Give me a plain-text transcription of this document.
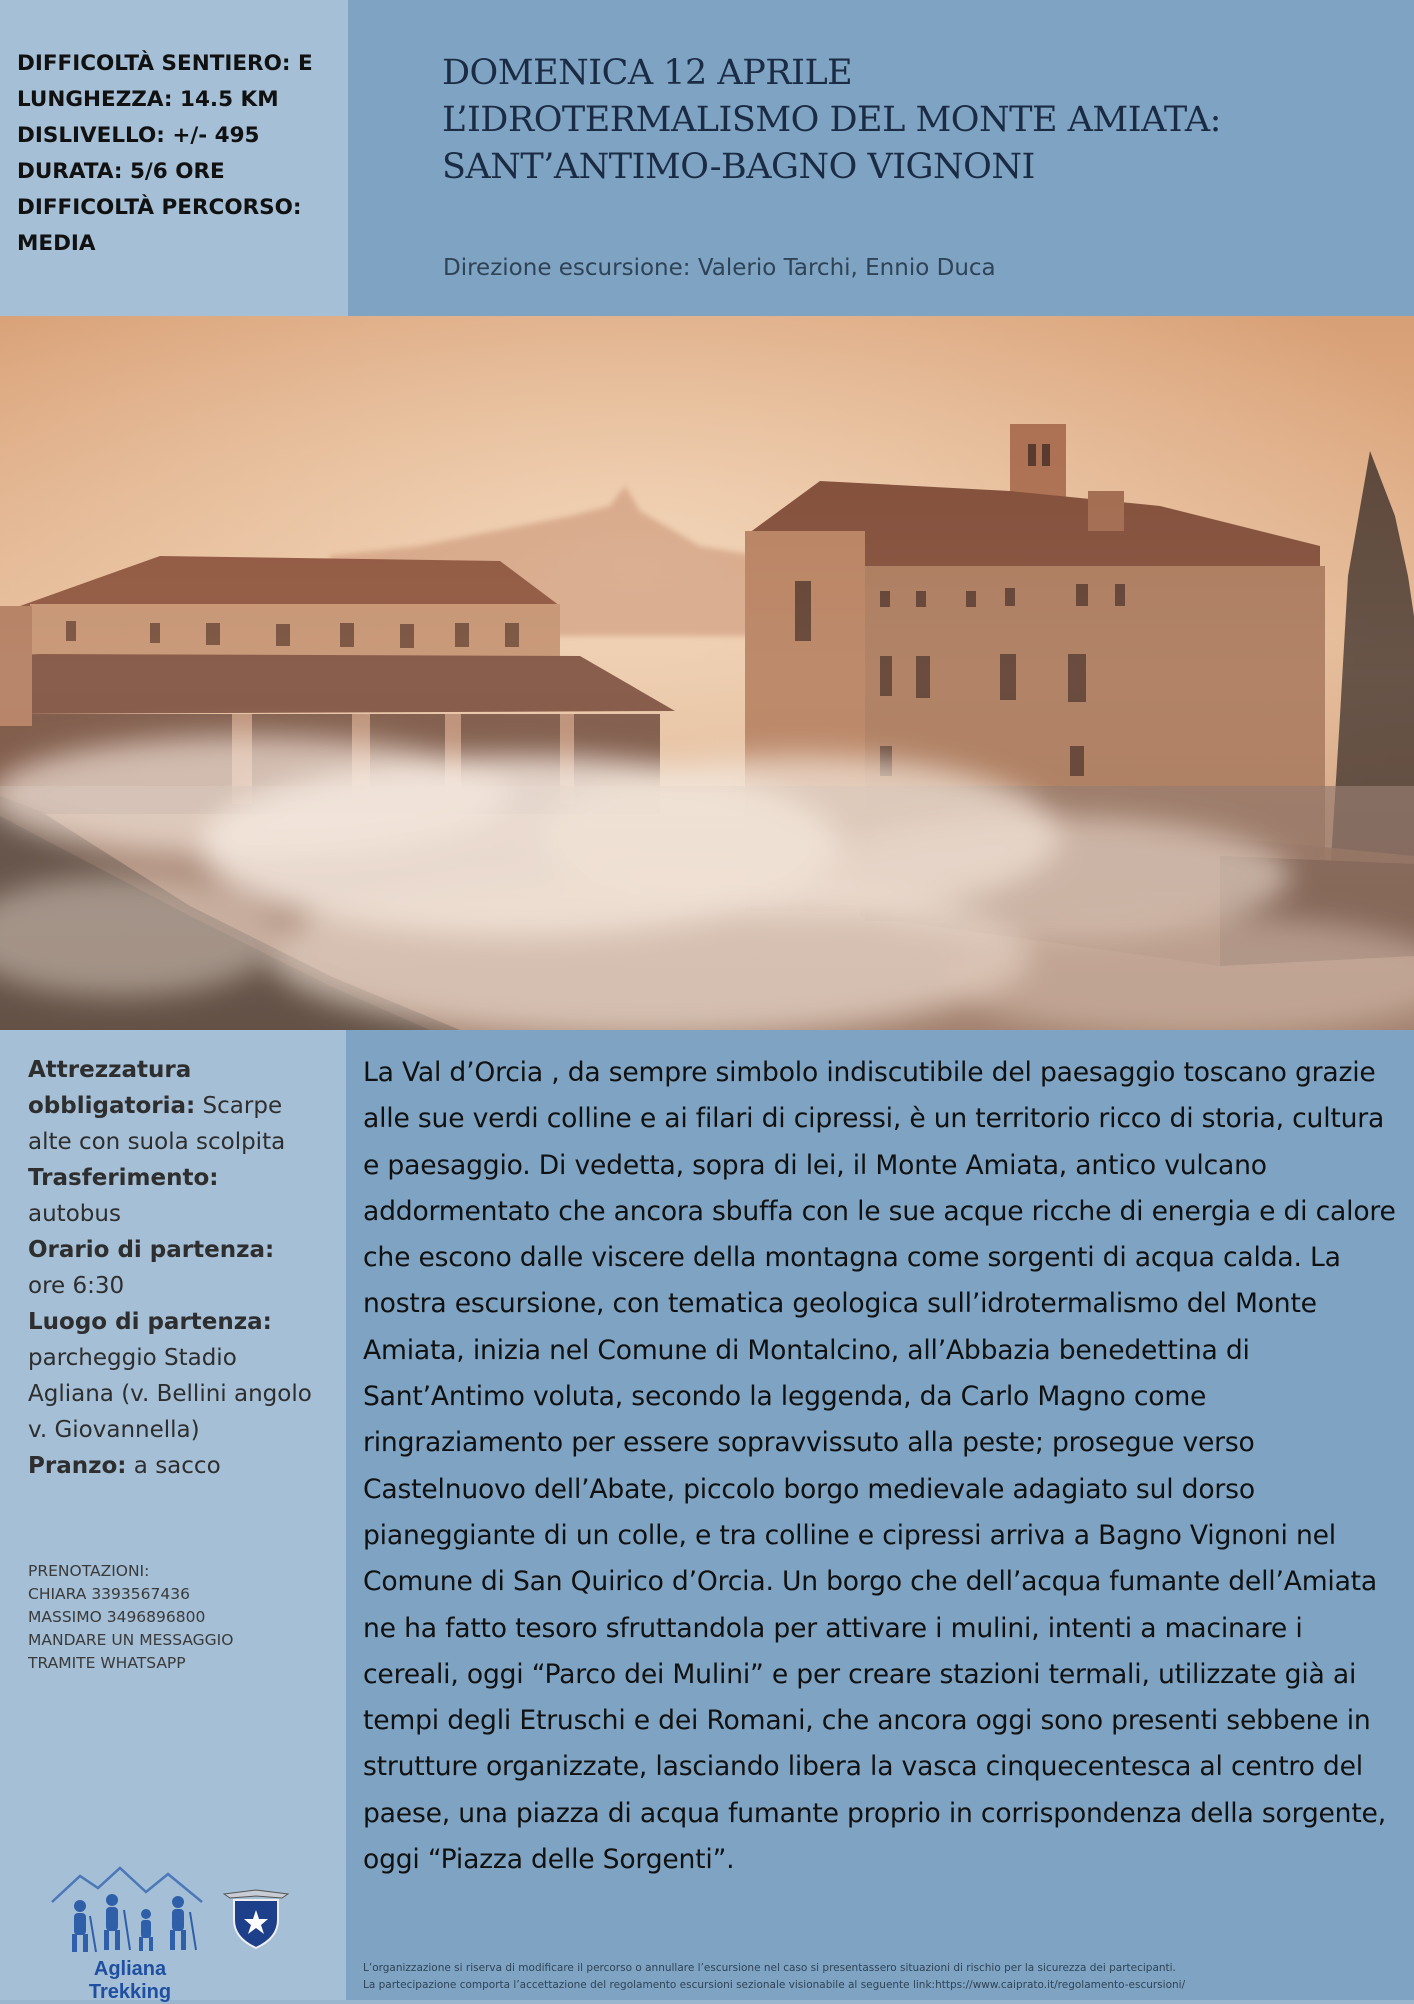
DIFFICOLTÀ SENTIERO: E
LUNGHEZZA: 14.5 KM
DISLIVELLO: +/- 495
DURATA: 5/6 ORE
DIFFICOLTÀ PERCORSO:
MEDIA
DOMENICA 12 APRILE
L’IDROTERMALISMO DEL MONTE AMIATA:
SANT’ANTIMO-BAGNO VIGNONI
Direzione escursione: Valerio Tarchi, Ennio Duca
Attrezzatura obbligatoria: Scarpe alte con suola scolpita
Trasferimento:
autobus
Orario di partenza:
ore 6:30
Luogo di partenza:
parcheggio Stadio Agliana (v. Bellini angolo v. Giovannella)
Pranzo: a sacco
PRENOTAZIONI:
CHIARA 3393567436
MASSIMO 3496896800
MANDARE UN MESSAGGIO
TRAMITE WHATSAPP
Agliana Trekking
La Val d’Orcia , da sempre simbolo indiscutibile del paesaggio toscano grazie alle sue verdi colline e ai filari di cipressi, è un territorio ricco di storia, cultura e paesaggio. Di vedetta, sopra di lei, il Monte Amiata, antico vulcano addormentato che ancora sbuffa con le sue acque ricche di energia e di calore che escono dalle viscere della montagna come sorgenti di acqua calda. La nostra escursione, con tematica geologica sull’idrotermalismo del Monte Amiata, inizia nel Comune di Montalcino, all’Abbazia benedettina di Sant’Antimo voluta, secondo la leggenda, da Carlo Magno come ringraziamento per essere sopravvissuto alla peste; prosegue verso Castelnuovo dell’Abate, piccolo borgo medievale adagiato sul dorso pianeggiante di un colle, e tra colline e cipressi arriva a Bagno Vignoni nel Comune di San Quirico d’Orcia. Un borgo che dell’acqua fumante dell’Amiata ne ha fatto tesoro sfruttandola per attivare i mulini, intenti a macinare i cereali, oggi “Parco dei Mulini” e per creare stazioni termali, utilizzate già ai tempi degli Etruschi e dei Romani, che ancora oggi sono presenti sebbene in strutture organizzate, lasciando libera la vasca cinquecentesca al centro del paese, una piazza di acqua fumante proprio in corrispondenza della sorgente, oggi “Piazza delle Sorgenti”.
L’organizzazione si riserva di modificare il percorso o annullare l’escursione nel caso si presentassero situazioni di rischio per la sicurezza dei partecipanti.
La partecipazione comporta l’accettazione del regolamento escursioni sezionale visionabile al seguente link:https://www.caiprato.it/regolamento-escursioni/
